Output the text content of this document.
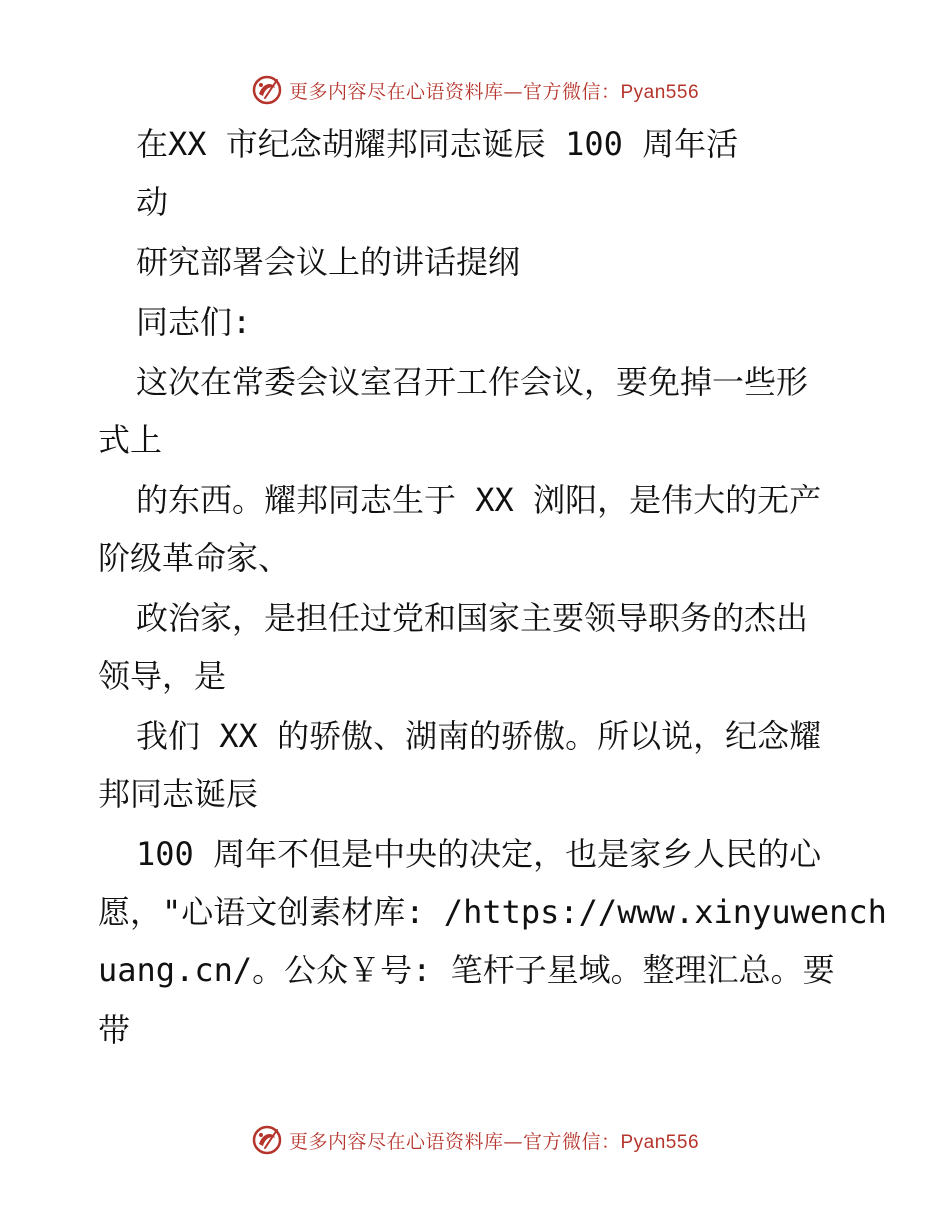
更多内容尽在心语资料库—官方微信：Pyan556
在XX 市纪念胡耀邦同志诞辰 100 周年活
动
研究部署会议上的讲话提纲
同志们:
这次在常委会议室召开工作会议，要免掉一些形
式上
的东西。耀邦同志生于 XX 浏阳，是伟大的无产
阶级革命家、
政治家，是担任过党和国家主要领导职务的杰出
领导，是
我们 XX 的骄傲、湖南的骄傲。所以说，纪念耀
邦同志诞辰
100 周年不但是中央的决定，也是家乡人民的心
愿，"心语文创素材库: /https://www.xinyuwench
uang.cn/。公众￥号: 笔杆子星域。整理汇总。要
带
更多内容尽在心语资料库—官方微信：Pyan556
